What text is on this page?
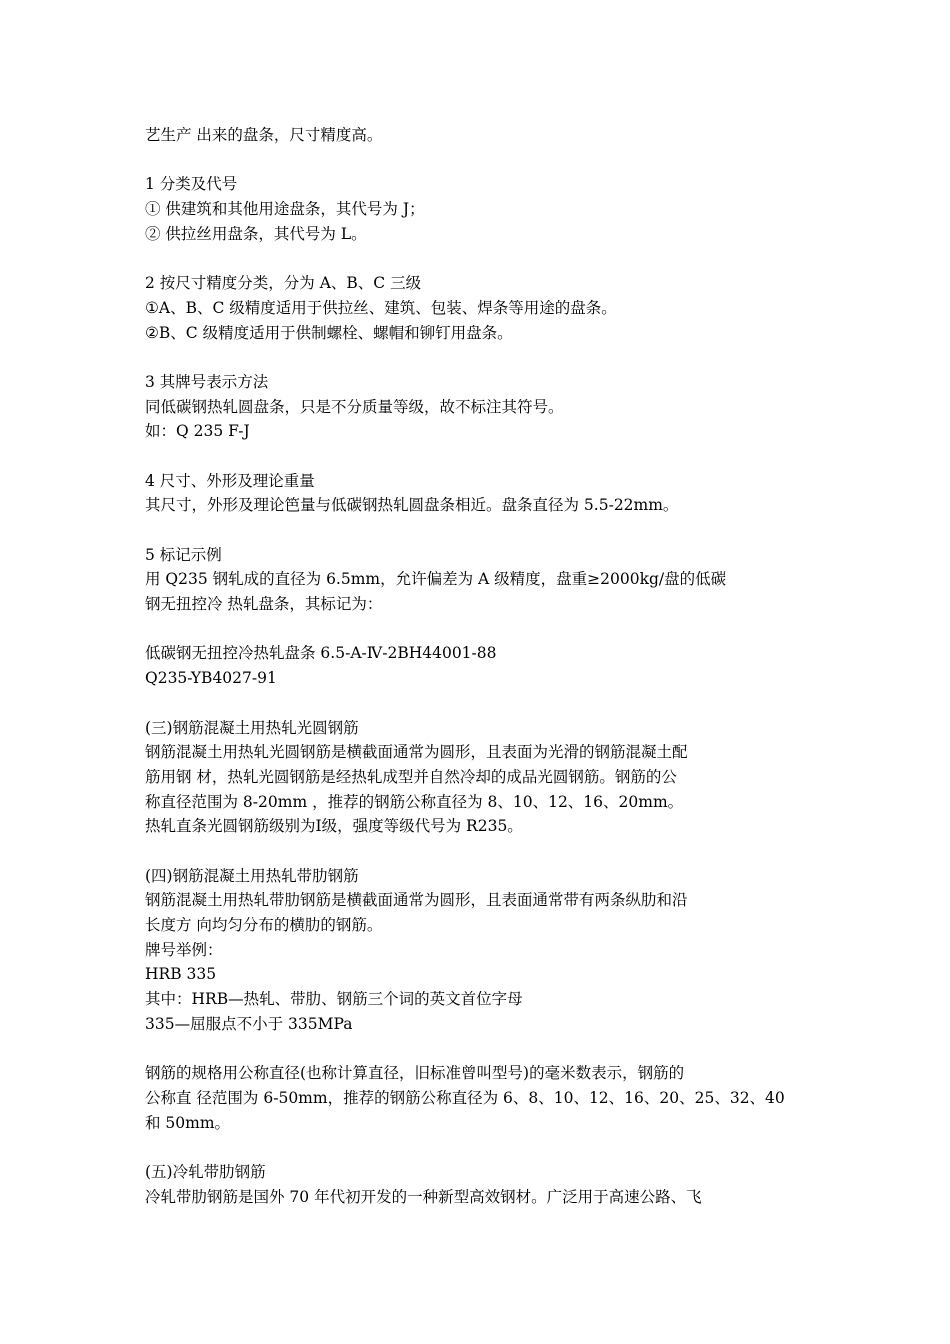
艺生产 出来的盘条，尺寸精度高。
1 分类及代号
① 供建筑和其他用途盘条，其代号为 J；
② 供拉丝用盘条，其代号为 L。
2 按尺寸精度分类，分为 A、B、C 三级
①A、B、C 级精度适用于供拉丝、建筑、包装、焊条等用途的盘条。
②B、C 级精度适用于供制螺栓、螺帽和铆钉用盘条。
3 其牌号表示方法
同低碳钢热轧圆盘条，只是不分质量等级，故不标注其符号。
如：Q 235 F-J
4 尺寸、外形及理论重量
其尺寸，外形及理论笆量与低碳钢热轧圆盘条相近。盘条直径为 5.5-22mm。
5 标记示例
用 Q235 钢轧成的直径为 6.5mm，允许偏差为 A 级精度，盘重≥2000kg/盘的低碳
钢无扭控冷 热轧盘条，其标记为：
低碳钢无扭控冷热轧盘条 6.5-A-Ⅳ-2BH44001-88
Q235-YB4027-91
(三)钢筋混凝土用热轧光圆钢筋
钢筋混凝土用热轧光圆钢筋是横截面通常为圆形，且表面为光滑的钢筋混凝土配
筋用钢 材，热轧光圆钢筋是经热轧成型并自然冷却的成品光圆钢筋。钢筋的公
称直径范围为 8-20mm ，推荐的钢筋公称直径为 8、10、12、16、20mm。
热轧直条光圆钢筋级别为Ⅰ级，强度等级代号为 R235。
(四)钢筋混凝土用热轧带肋钢筋
钢筋混凝土用热轧带肋钢筋是横截面通常为圆形，且表面通常带有两条纵肋和沿
长度方 向均匀分布的横肋的钢筋。
牌号举例：
HRB 335
其中：HRB—热轧、带肋、钢筋三个词的英文首位字母
335—屈服点不小于 335MPa
钢筋的规格用公称直径(也称计算直径，旧标准曾叫型号)的毫米数表示，钢筋的
公称直 径范围为 6-50mm，推荐的钢筋公称直径为 6、8、10、12、16、20、25、32、40
和 50mm。
(五)冷轧带肋钢筋
冷轧带肋钢筋是国外 70 年代初开发的一种新型高效钢材。广泛用于高速公路、飞
